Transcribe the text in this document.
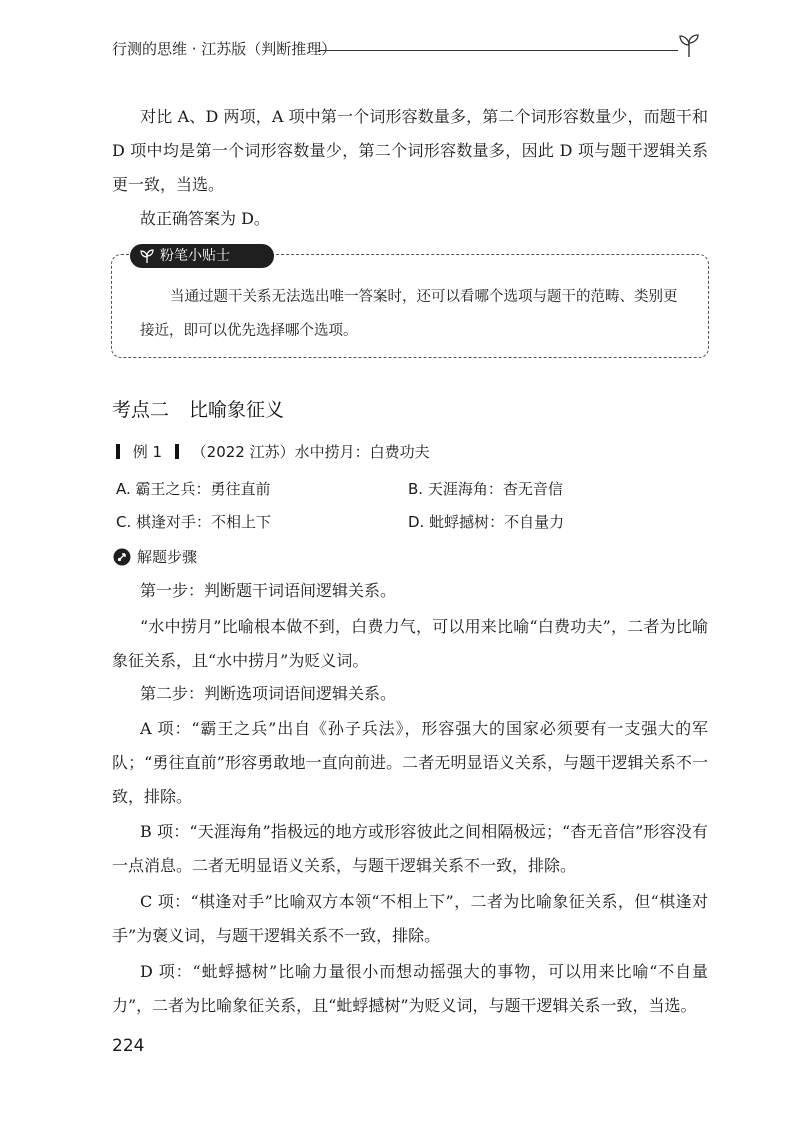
行测的思维 · 江苏版（判断推理）
对比 A、D 两项，A 项中第一个词形容数量多，第二个词形容数量少，而题干和 D 项中均是第一个词形容数量少，第二个词形容数量多，因此 D 项与题干逻辑关系更一致，当选。
故正确答案为 D。
粉笔小贴士
当通过题干关系无法选出唯一答案时，还可以看哪个选项与题干的范畴、类别更接近，即可以优先选择哪个选项。
考点二 比喻象征义
例 1 （2022 江苏）水中捞月：白费功夫
A. 霸王之兵：勇往直前	B. 天涯海角：杳无音信
C. 棋逢对手：不相上下	D. 蚍蜉撼树：不自量力
解题步骤
第一步：判断题干词语间逻辑关系。
“水中捞月”比喻根本做不到，白费力气，可以用来比喻“白费功夫”，二者为比喻象征关系，且“水中捞月”为贬义词。
第二步：判断选项词语间逻辑关系。
A 项：“霸王之兵”出自《孙子兵法》，形容强大的国家必须要有一支强大的军队；“勇往直前”形容勇敢地一直向前进。二者无明显语义关系，与题干逻辑关系不一致，排除。
B 项：“天涯海角”指极远的地方或形容彼此之间相隔极远；“杳无音信”形容没有一点消息。二者无明显语义关系，与题干逻辑关系不一致，排除。
C 项：“棋逢对手”比喻双方本领“不相上下”，二者为比喻象征关系，但“棋逢对手”为褒义词，与题干逻辑关系不一致，排除。
D 项：“蚍蜉撼树”比喻力量很小而想动摇强大的事物，可以用来比喻“不自量力”，二者为比喻象征关系，且“蚍蜉撼树”为贬义词，与题干逻辑关系一致，当选。
224
